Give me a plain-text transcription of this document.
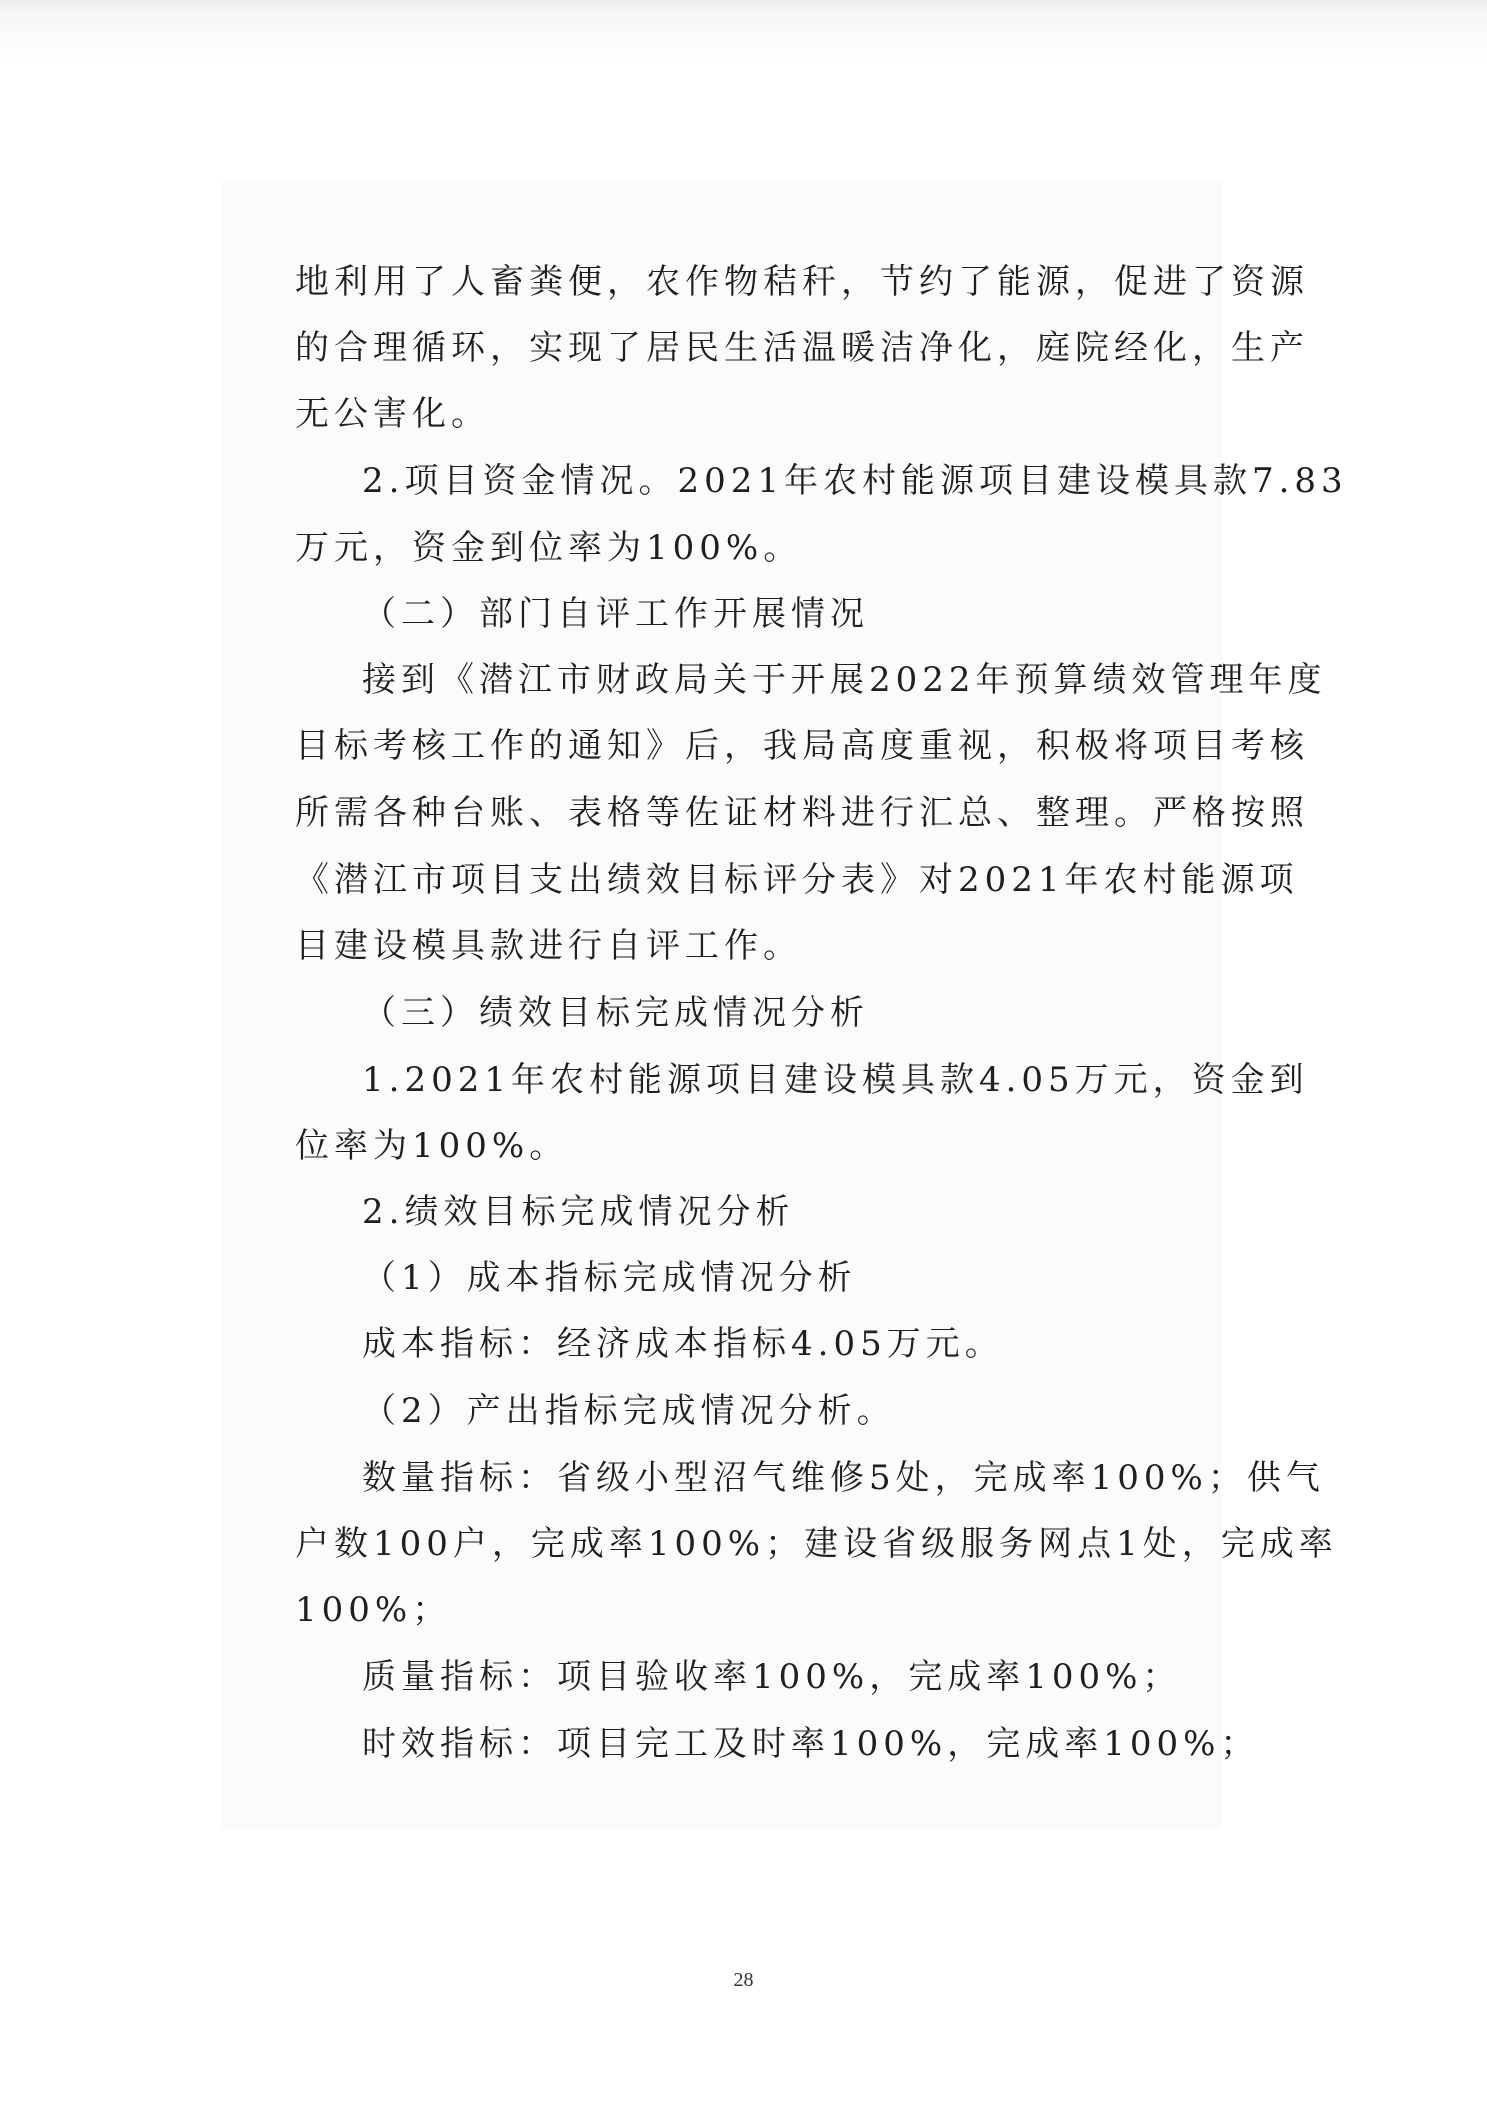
地利用了人畜粪便，农作物秸秆，节约了能源，促进了资源
的合理循环，实现了居民生活温暖洁净化，庭院经化，生产
无公害化。
2.项目资金情况。2021年农村能源项目建设模具款7.83
万元，资金到位率为100%。
（二）部门自评工作开展情况
接到《潜江市财政局关于开展2022年预算绩效管理年度
目标考核工作的通知》后，我局高度重视，积极将项目考核
所需各种台账、表格等佐证材料进行汇总、整理。严格按照
《潜江市项目支出绩效目标评分表》对2021年农村能源项
目建设模具款进行自评工作。
（三）绩效目标完成情况分析
1.2021年农村能源项目建设模具款4.05万元，资金到
位率为100%。
2.绩效目标完成情况分析
（1）成本指标完成情况分析
成本指标：经济成本指标4.05万元。
（2）产出指标完成情况分析。
数量指标：省级小型沼气维修5处，完成率100%；供气
户数100户，完成率100%；建设省级服务网点1处，完成率
100%；
质量指标：项目验收率100%，完成率100%；
时效指标：项目完工及时率100%，完成率100%；
28
